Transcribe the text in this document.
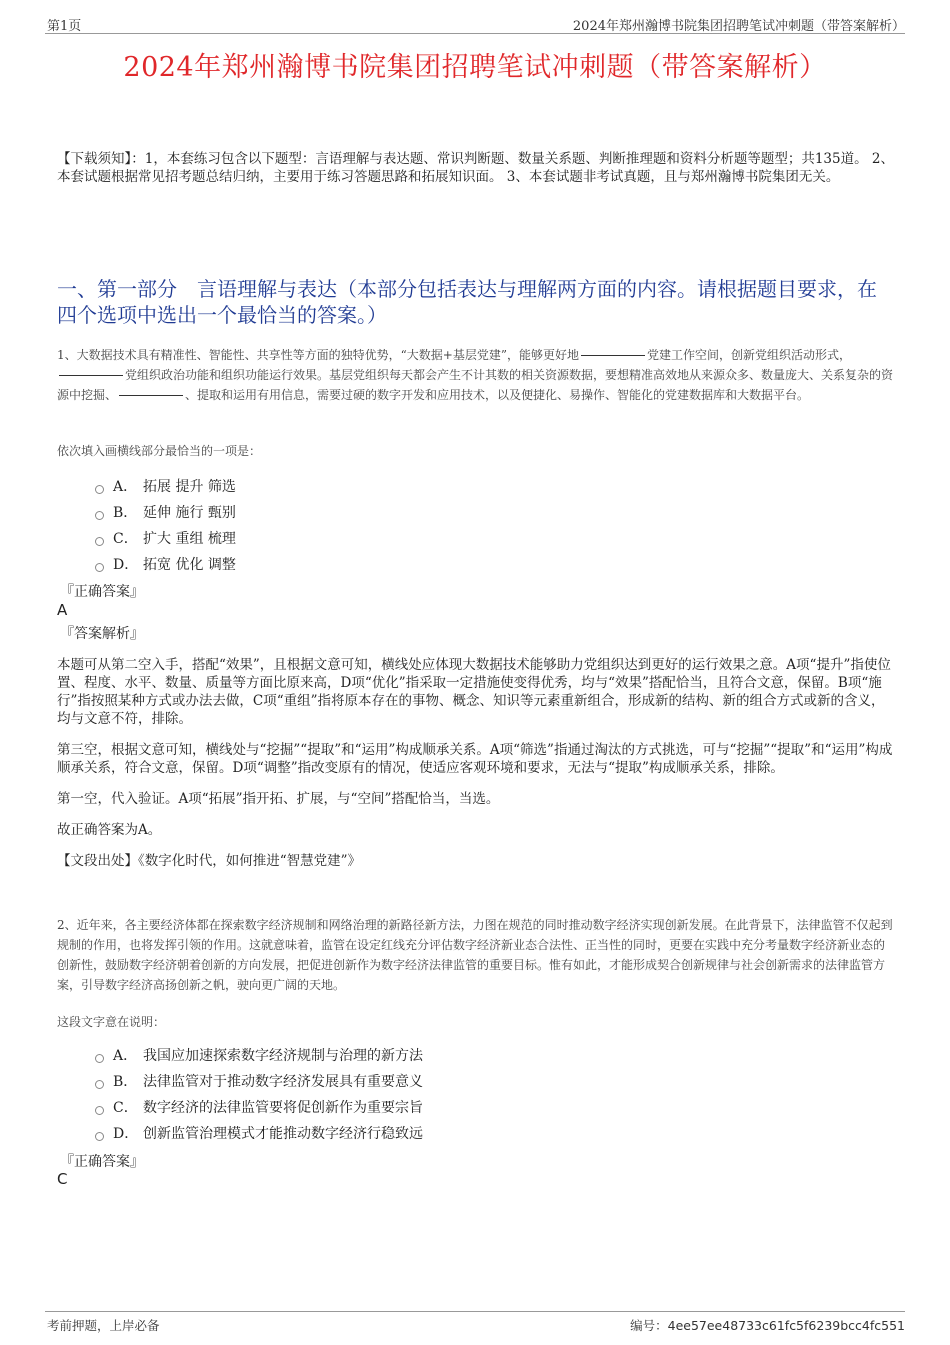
第1页	2024年郑州瀚博书院集团招聘笔试冲刺题（带答案解析）
2024年郑州瀚博书院集团招聘笔试冲刺题（带答案解析）
【下载须知】：1，本套练习包含以下题型：言语理解与表达题、常识判断题、数量关系题、判断推理题和资料分析题等题型；共135道。 2、本套试题根据常见招考题总结归纳，主要用于练习答题思路和拓展知识面。 3、本套试题非考试真题，且与郑州瀚博书院集团无关。
一、第一部分　言语理解与表达（本部分包括表达与理解两方面的内容。请根据题目要求，在四个选项中选出一个最恰当的答案。）
1、大数据技术具有精准性、智能性、共享性等方面的独特优势，“大数据+基层党建”，能够更好地	党建工作空间，创新党组织活动形式，党组织政治功能和组织功能运行效果。基层党组织每天都会产生不计其数的相关资源数据，要想精准高效地从来源众多、数量庞大、关系复杂的资源中挖掘、	、提取和运用有用信息，需要过硬的数字开发和应用技术，以及便捷化、易操作、智能化的党建数据库和大数据平台。
依次填入画横线部分最恰当的一项是：
A． 拓展 提升 筛选
B． 延伸 施行 甄别
C． 扩大 重组 梳理
D． 拓宽 优化 调整
『正确答案』
A
『答案解析』

本题可从第二空入手，搭配“效果”，且根据文意可知，横线处应体现大数据技术能够助力党组织达到更好的运行效果之意。A项“提升”指使位置、程度、水平、数量、质量等方面比原来高，D项“优化”指采取一定措施使变得优秀，均与“效果”搭配恰当，且符合文意，保留。B项“施行”指按照某种方式或办法去做，C项“重组”指将原本存在的事物、概念、知识等元素重新组合，形成新的结构、新的组合方式或新的含义，均与文意不符，排除。

第三空，根据文意可知，横线处与“挖掘”“提取”和“运用”构成顺承关系。A项“筛选”指通过淘汰的方式挑选，可与“挖掘”“提取”和“运用”构成顺承关系，符合文意，保留。D项“调整”指改变原有的情况，使适应客观环境和要求，无法与“提取”构成顺承关系，排除。

第一空，代入验证。A项“拓展”指开拓、扩展，与“空间”搭配恰当，当选。

故正确答案为A。

【文段出处】《数字化时代，如何推进“智慧党建”》

2、近年来，各主要经济体都在探索数字经济规制和网络治理的新路径新方法，力图在规范的同时推动数字经济实现创新发展。在此背景下，法律监管不仅起到规制的作用，也将发挥引领的作用。这就意味着，监管在设定红线充分评估数字经济新业态合法性、正当性的同时，更要在实践中充分考量数字经济新业态的创新性，鼓励数字经济朝着创新的方向发展，把促进创新作为数字经济法律监管的重要目标。惟有如此，才能形成契合创新规律与社会创新需求的法律监管方案，引导数字经济高扬创新之帆，驶向更广阔的天地。
这段文字意在说明：
A． 我国应加速探索数字经济规制与治理的新方法
B． 法律监管对于推动数字经济发展具有重要意义
C． 数字经济的法律监管要将促创新作为重要宗旨
D． 创新监管治理模式才能推动数字经济行稳致远
『正确答案』
C
考前押题，上岸必备	编号：4ee57ee48733c61fc5f6239bcc4fc551
